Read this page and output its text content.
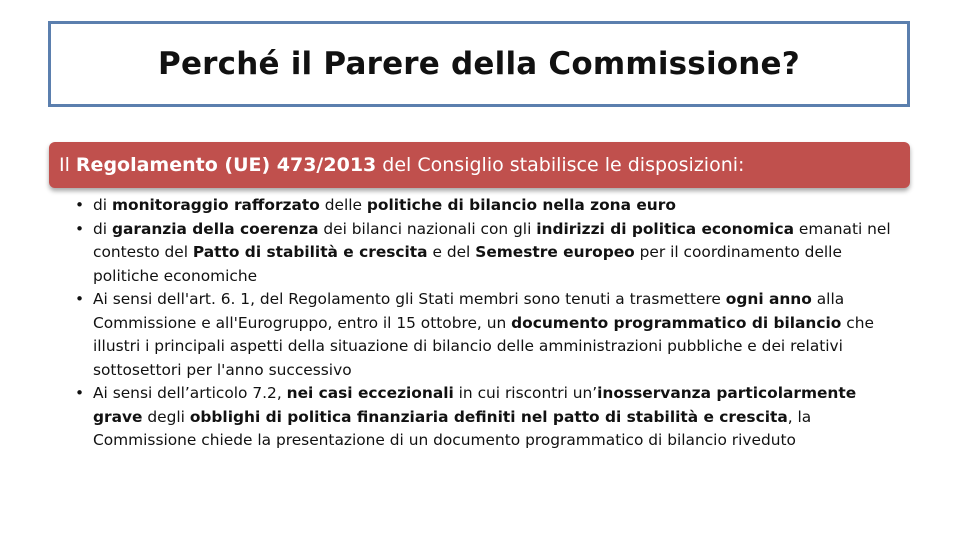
Perché il Parere della Commissione?
Il Regolamento (UE) 473/2013 del Consiglio stabilisce le disposizioni:
• di monitoraggio rafforzato delle politiche di bilancio nella zona euro
• di garanzia della coerenza dei bilanci nazionali con gli indirizzi di politica economica emanati nel contesto del Patto di stabilità e crescita e del Semestre europeo per il coordinamento delle politiche economiche
• Ai sensi dell'art. 6. 1, del Regolamento gli Stati membri sono tenuti a trasmettere ogni anno alla Commissione e all'Eurogruppo, entro il 15 ottobre, un documento programmatico di bilancio che illustri i principali aspetti della situazione di bilancio delle amministrazioni pubbliche e dei relativi sottosettori per l'anno successivo
• Ai sensi dell’articolo 7.2, nei casi eccezionali in cui riscontri un’inosservanza particolarmente grave degli obblighi di politica finanziaria definiti nel patto di stabilità e crescita, la Commissione chiede la presentazione di un documento programmatico di bilancio riveduto
